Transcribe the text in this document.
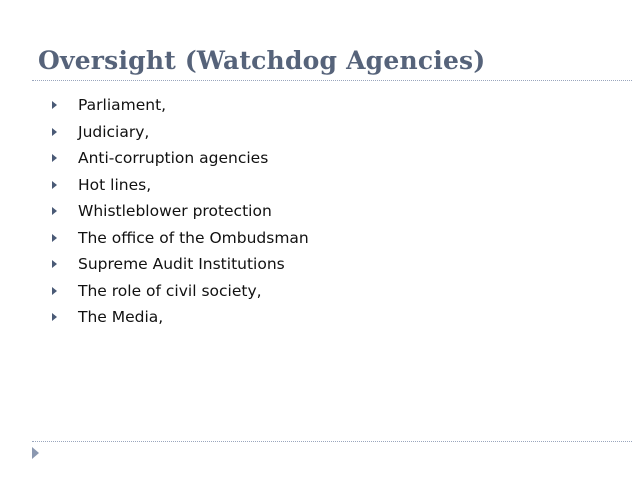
Oversight (Watchdog Agencies)
Parliament,
Judiciary,
Anti-corruption agencies
Hot lines,
Whistleblower protection
The office of the Ombudsman
Supreme Audit Institutions
The role of civil society,
The Media,
